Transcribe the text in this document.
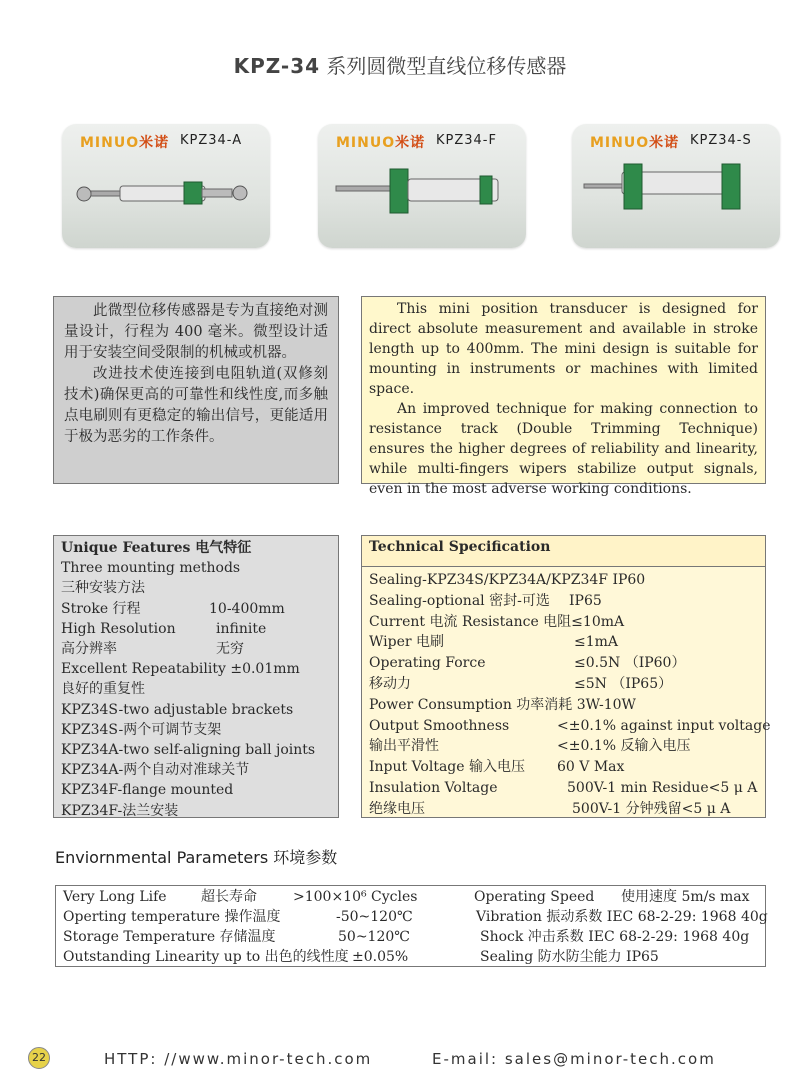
KPZ-34 系列圆微型直线位移传感器
MINUO米诺 KPZ34-A	MINUO米诺 KPZ34-F	MINUO米诺 KPZ34-S
此微型位移传感器是专为直接绝对测量设计，行程为 400 毫米。微型设计适用于安装空间受限制的机械或机器。
改进技术使连接到电阻轨道(双修刻技术)确保更高的可靠性和线性度,而多触点电刷则有更稳定的输出信号，更能适用于极为恶劣的工作条件。
This mini position transducer is designed for direct absolute measurement and available in stroke length up to 400mm. The mini design is suitable for mounting in instruments or machines with limited space.
An improved technique for making connection to resistance track (Double Trimming Technique) ensures the higher degrees of reliability and linearity, while multi-fingers wipers stabilize output signals, even in the most adverse working conditions.
Unique Features 电气特征
Three mounting methods
三种安装方法
Stroke 行程	10-400mm
High Resolution	infinite
高分辨率	无穷
Excellent Repeatability ±0.01mm
良好的重复性
KPZ34S-two adjustable brackets
KPZ34S-两个可调节支架
KPZ34A-two self-aligning ball joints
KPZ34A-两个自动对准球关节
KPZ34F-flange mounted
KPZ34F-法兰安装
Technical Specification
Sealing-KPZ34S/KPZ34A/KPZ34F IP60
Sealing-optional 密封-可选 IP65
Current 电流 Resistance 电阻≤10mA
Wiper 电刷	≤1mA
Operating Force	≤0.5N （IP60）
移动力	≤5N （IP65）
Power Consumption 功率消耗 3W-10W
Output Smoothness	<±0.1% against input voltage
输出平滑性	<±0.1% 反输入电压
Input Voltage 输入电压 60 V Max
Insulation Voltage	500V-1 min Residue<5 μ A
绝缘电压	500V-1 分钟残留<5 μ A
Enviornmental Parameters 环境参数
Very Long Life 超长寿命	>100×10⁶ Cycles	Operating Speed 使用速度 5m/s max
Operting temperature 操作温度	-50~120℃	Vibration 振动系数 IEC 68-2-29: 1968 40g
Storage Temperature 存储温度	50~120℃	Shock 冲击系数 IEC 68-2-29: 1968 40g
Outstanding Linearity up to 出色的线性度 ±0.05%	Sealing 防水防尘能力 IP65
22	HTTP: //www.minor-tech.com	E-mail: sales@minor-tech.com
